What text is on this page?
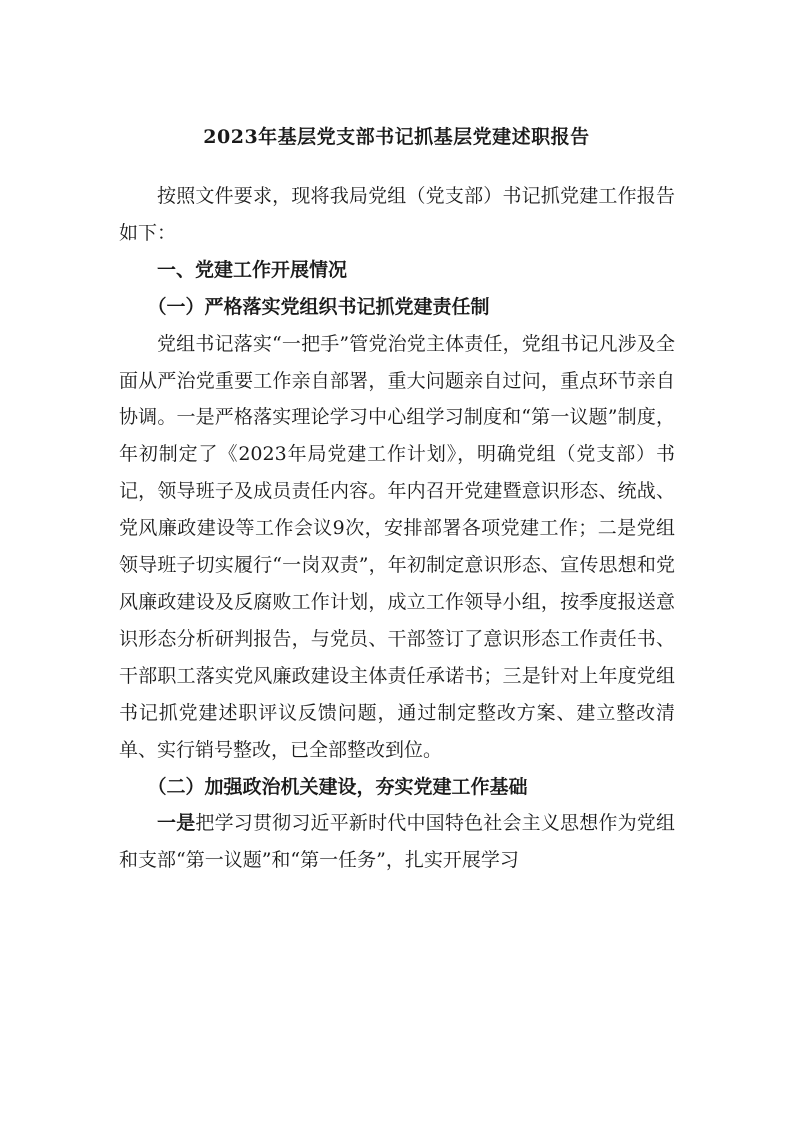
2023年基层党支部书记抓基层党建述职报告

按照文件要求，现将我局党组（党支部）书记抓党建工作报告如下：

一、党建工作开展情况
（一）严格落实党组织书记抓党建责任制

党组书记落实“一把手”管党治党主体责任，党组书记凡涉及全面从严治党重要工作亲自部署，重大问题亲自过问，重点环节亲自协调。一是严格落实理论学习中心组学习制度和“第一议题”制度，年初制定了《2023年局党建工作计划》，明确党组（党支部）书记，领导班子及成员责任内容。年内召开党建暨意识形态、统战、党风廉政建设等工作会议9次，安排部署各项党建工作；二是党组领导班子切实履行“一岗双责”，年初制定意识形态、宣传思想和党风廉政建设及反腐败工作计划，成立工作领导小组，按季度报送意识形态分析研判报告，与党员、干部签订了意识形态工作责任书、干部职工落实党风廉政建设主体责任承诺书；三是针对上年度党组书记抓党建述职评议反馈问题，通过制定整改方案、建立整改清单、实行销号整改，已全部整改到位。

（二）加强政治机关建设，夯实党建工作基础

一是把学习贯彻习近平新时代中国特色社会主义思想作为党组和支部“第一议题”和“第一任务”，扎实开展学习
